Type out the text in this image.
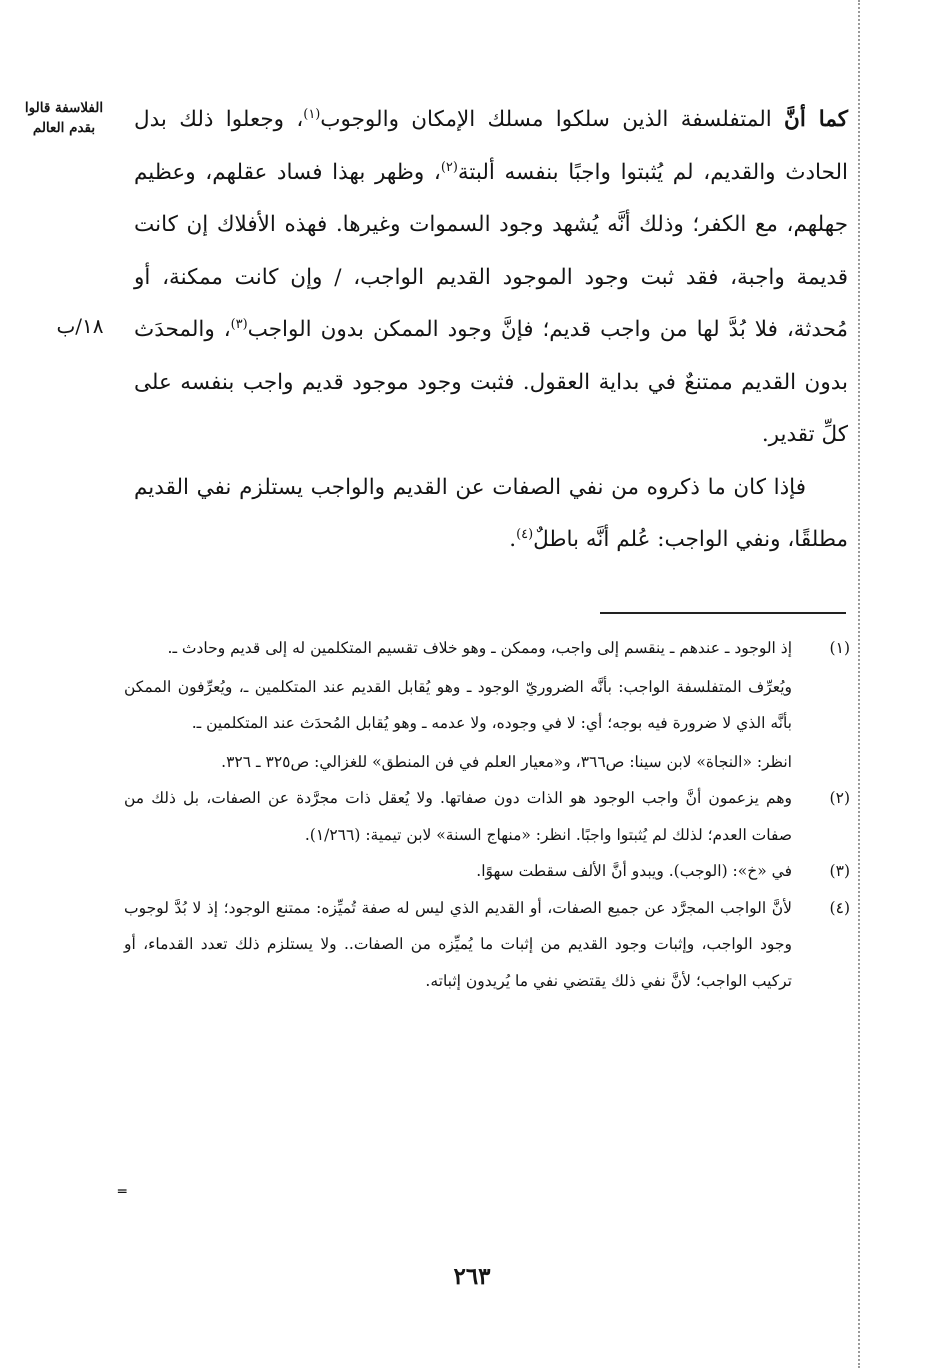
الفلاسفة قالوا
بقدم العالم
١٨/ب

كما أنَّ المتفلسفة الذين سلكوا مسلك الإمكان والوجوب$^{(١)}$، وجعلوا ذلك بدل الحادث والقديم، لم يُثبتوا واجبًا بنفسه ألبتة$^{(٢)}$، وظهر بهذا فساد عقلهم، وعظيم جهلهم، مع الكفر؛ وذلك أنَّه يُشهد وجود السموات وغيرها. فهذه الأفلاك إن كانت قديمة واجبة، فقد ثبت وجود الموجود القديم الواجب، / وإن كانت ممكنة، أو مُحدثة، فلا بُدَّ لها من واجب قديم؛ فإنَّ وجود الممكن بدون الواجب$^{(٣)}$، والمحدَث بدون القديم ممتنعٌ في بداية العقول. فثبت وجود موجود قديم واجب بنفسه على كلِّ تقدير.

فإذا كان ما ذكروه من نفي الصفات عن القديم والواجب يستلزم نفي القديم مطلقًا، ونفي الواجب: عُلم أنَّه باطلٌ$^{(٤)}$.

(١)

إذ الوجود ـ عندهم ـ ينقسم إلى واجب، وممكن ـ وهو خلاف تقسيم المتكلمين له إلى قديم وحادث ـ.

ويُعرِّف المتفلسفة الواجب: بأنَّه الضروريّ الوجود ـ وهو يُقابل القديم عند المتكلمين ـ، ويُعرِّفون الممكن بأنَّه الذي لا ضرورة فيه بوجه؛ أي: لا في وجوده، ولا عدمه ـ وهو يُقابل المُحدَث عند المتكلمين ـ.

انظر: «النجاة» لابن سينا: ص٣٦٦، و«معيار العلم في فن المنطق» للغزالي: ص٣٢٥ ـ ٣٢٦.

(٢)

وهم يزعمون أنَّ واجب الوجود هو الذات دون صفاتها. ولا يُعقل ذات مجرَّدة عن الصفات، بل ذلك من صفات العدم؛ لذلك لم يُثبتوا واجبًا. انظر: «منهاج السنة» لابن تيمية: (١/٢٦٦).

(٣)

في «خ»: (الوجب). ويبدو أنَّ الألف سقطت سهوًا.

(٤)

لأنَّ الواجب المجرَّد عن جميع الصفات، أو القديم الذي ليس له صفة تُميِّزه: ممتنع الوجود؛ إذ لا بُدَّ لوجوب وجود الواجب، وإثبات وجود القديم من إثبات ما يُميِّزه من الصفات.. ولا يستلزم ذلك تعدد القدماء، أو تركيب الواجب؛ لأنَّ نفي ذلك يقتضي نفي ما يُريدون إثباته.

═
٢٦٣
